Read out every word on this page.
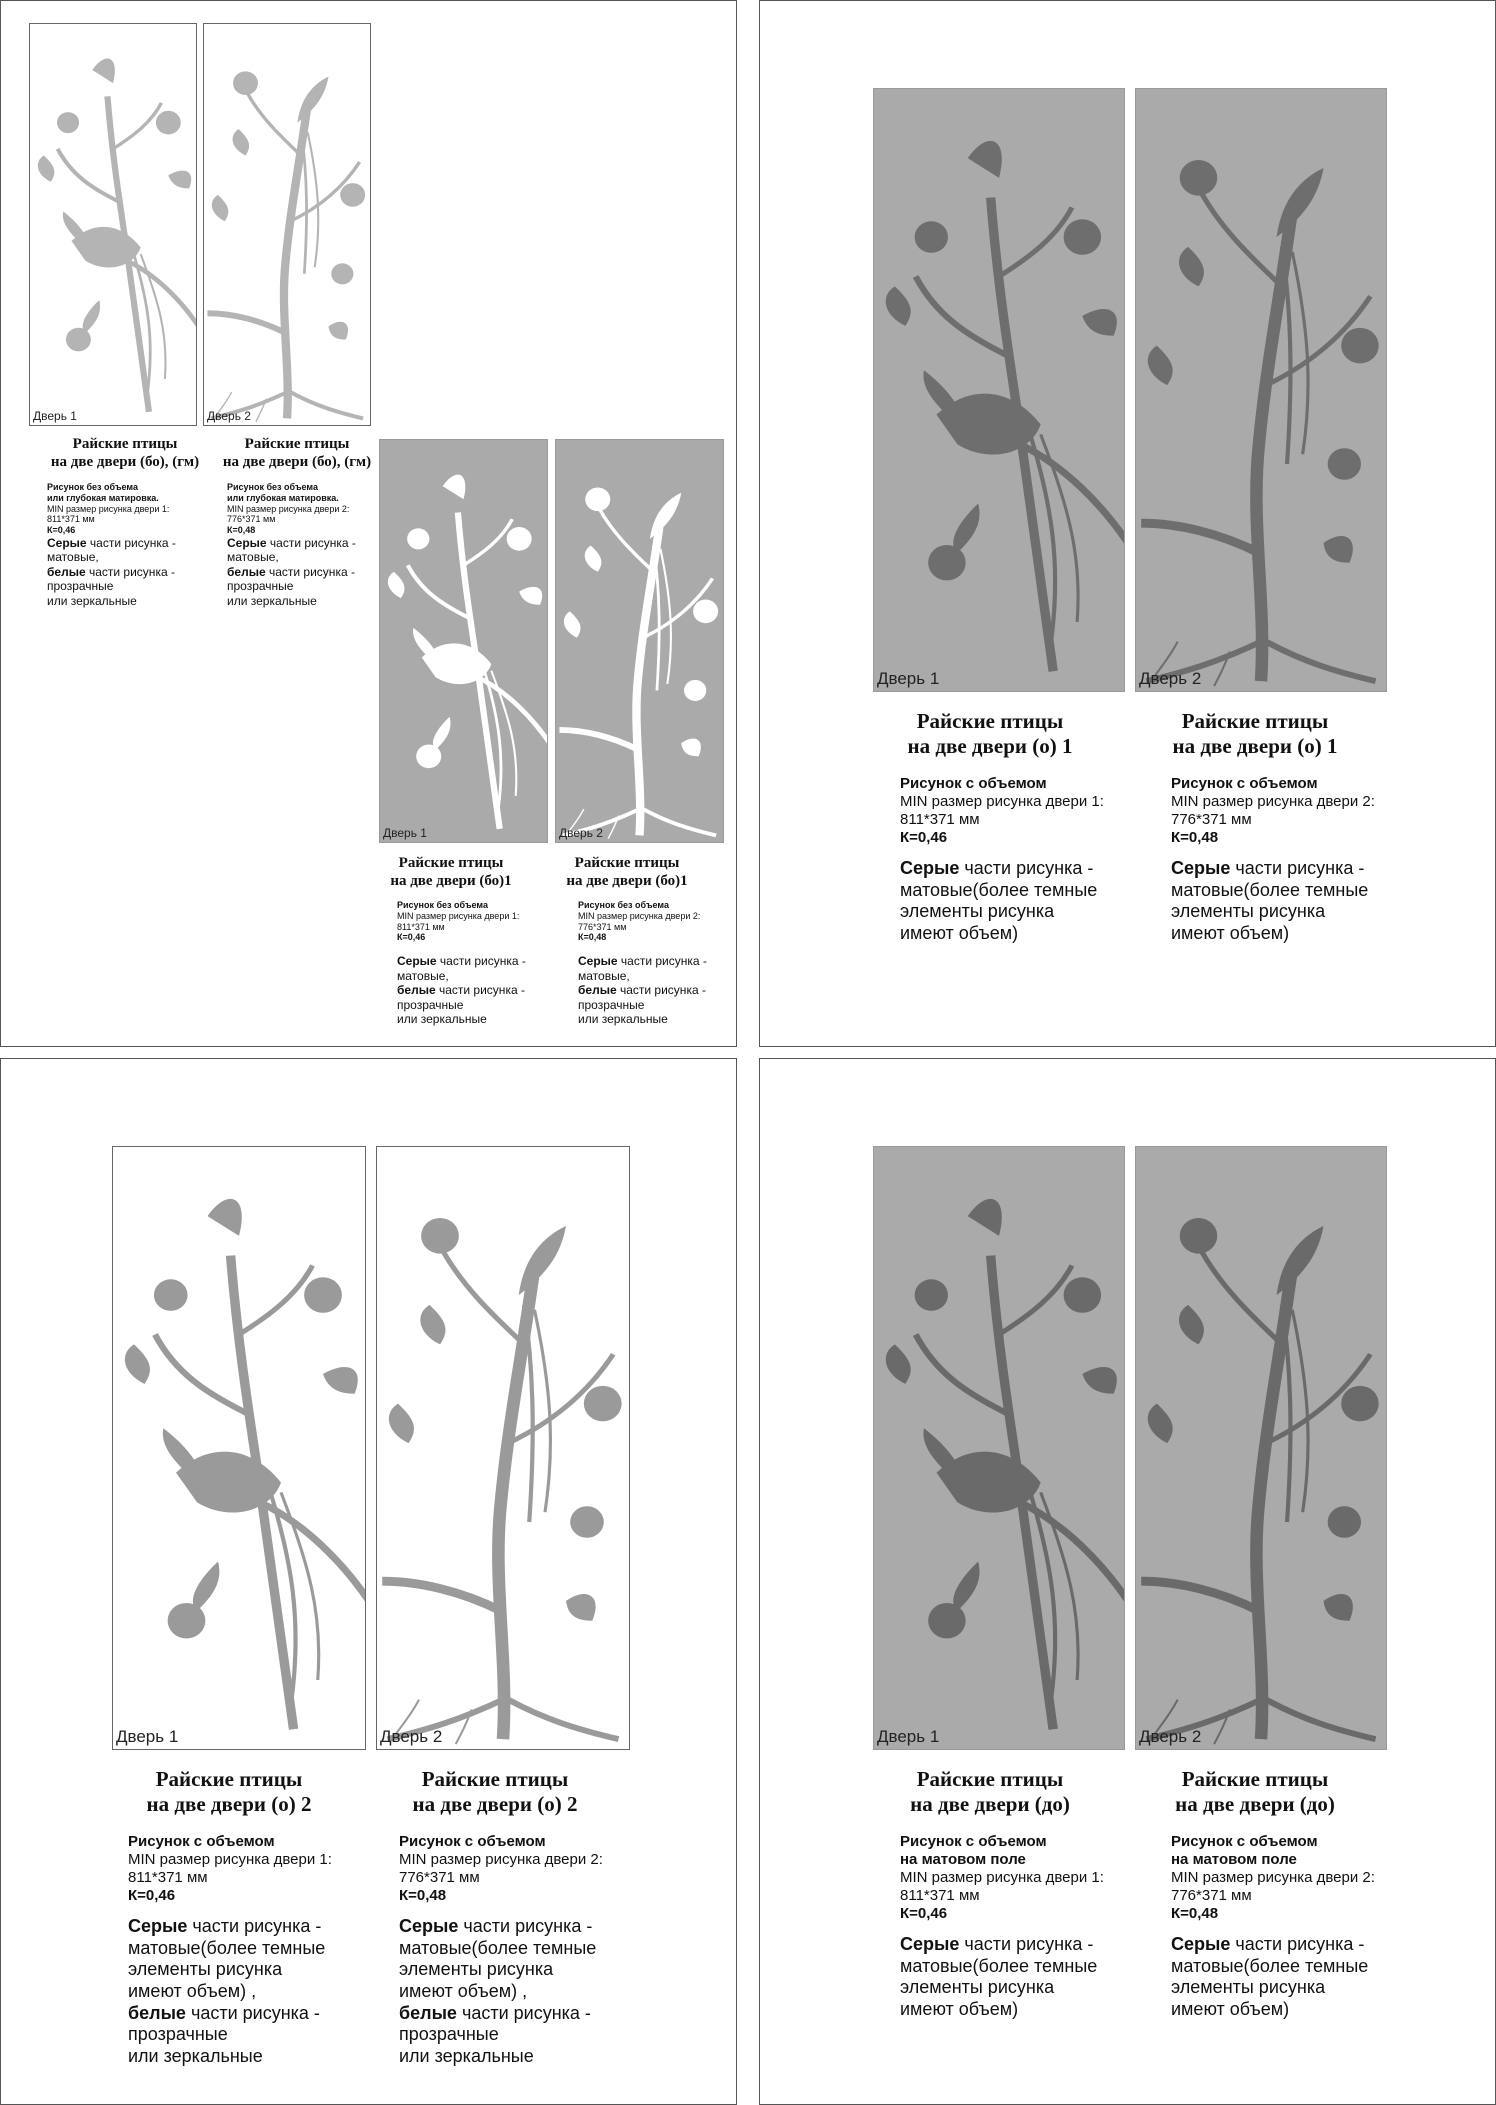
Дверь 1	Дверь 2
Райские птицы
на две двери (бо), (гм)
Райские птицы
на две двери (бо), (гм)
Рисунок без объема
или глубокая матировка.
MIN размер рисунка двери 1:
811*371 мм
К=0,46
Серые части рисунка -
матовые,
белые части рисунка -
прозрачные
или зеркальные
Рисунок без объема
или глубокая матировка.
MIN размер рисунка двери 2:
776*371 мм
К=0,48
Серые части рисунка -
матовые,
белые части рисунка -
прозрачные
или зеркальные
Дверь 1	Дверь 2
Райские птицы
на две двери (бо)1
Райские птицы
на две двери (бо)1
Рисунок без объема
MIN размер рисунка двери 1:
811*371 мм
К=0,46
Серые части рисунка -
матовые,
белые части рисунка -
прозрачные
или зеркальные
Рисунок без объема
MIN размер рисунка двери 2:
776*371 мм
К=0,48
Серые части рисунка -
матовые,
белые части рисунка -
прозрачные
или зеркальные
Дверь 1	Дверь 2
Райские птицы
на две двери (о) 1
Райские птицы
на две двери (о) 1
Рисунок с объемом
MIN размер рисунка двери 1:
811*371 мм
К=0,46
Серые части рисунка -
матовые(более темные
элементы рисунка
имеют объем)
Рисунок с объемом
MIN размер рисунка двери 2:
776*371 мм
К=0,48
Серые части рисунка -
матовые(более темные
элементы рисунка
имеют объем)
Дверь 1	Дверь 2
Райские птицы
на две двери (о) 2
Райские птицы
на две двери (о) 2
Рисунок с объемом
MIN размер рисунка двери 1:
811*371 мм
К=0,46
Серые части рисунка -
матовые(более темные
элементы рисунка
имеют объем) ,
белые части рисунка -
прозрачные
или зеркальные
Рисунок с объемом
MIN размер рисунка двери 2:
776*371 мм
К=0,48
Серые части рисунка -
матовые(более темные
элементы рисунка
имеют объем) ,
белые части рисунка -
прозрачные
или зеркальные
Дверь 1	Дверь 2
Райские птицы
на две двери (до)
Райские птицы
на две двери (до)
Рисунок с объемом
на матовом поле
MIN размер рисунка двери 1:
811*371 мм
К=0,46
Серые части рисунка -
матовые(более темные
элементы рисунка
имеют объем)
Рисунок с объемом
на матовом поле
MIN размер рисунка двери 2:
776*371 мм
К=0,48
Серые части рисунка -
матовые(более темные
элементы рисунка
имеют объем)
